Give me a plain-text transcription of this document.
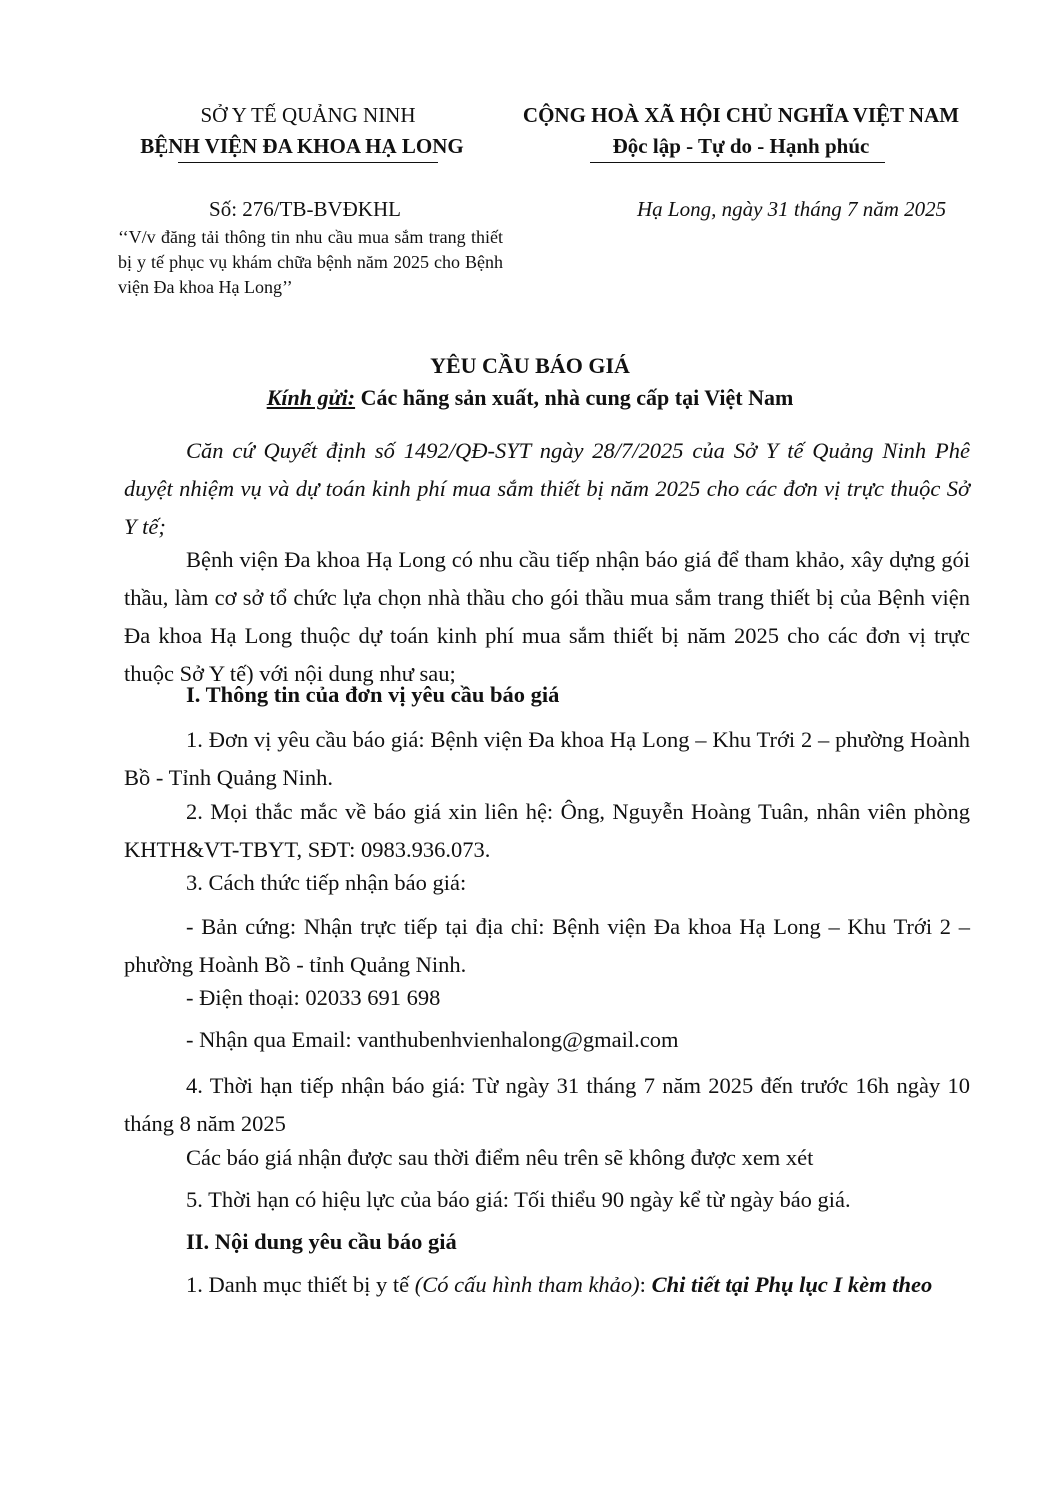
SỞ Y TẾ QUẢNG NINH
BỆNH VIỆN ĐA KHOA HẠ LONG
CỘNG HOÀ XÃ HỘI CHỦ NGHĨA VIỆT NAM
Độc lập - Tự do - Hạnh phúc
Số: 276/TB-BVĐKHL	Hạ Long, ngày 31 tháng 7 năm 2025
‘‘V/v đăng tải thông tin nhu cầu mua sắm trang thiết bị y tế phục vụ khám chữa bệnh năm 2025 cho Bệnh viện Đa khoa Hạ Long’’
YÊU CẦU BÁO GIÁ
Kính gửi: Các hãng sản xuất, nhà cung cấp tại Việt Nam
Căn cứ Quyết định số 1492/QĐ-SYT ngày 28/7/2025 của Sở Y tế Quảng Ninh Phê duyệt nhiệm vụ và dự toán kinh phí mua sắm thiết bị năm 2025 cho các đơn vị trực thuộc Sở Y tế;
Bệnh viện Đa khoa Hạ Long có nhu cầu tiếp nhận báo giá để tham khảo, xây dựng gói thầu, làm cơ sở tổ chức lựa chọn nhà thầu cho gói thầu mua sắm trang thiết bị của Bệnh viện Đa khoa Hạ Long thuộc dự toán kinh phí mua sắm thiết bị năm 2025 cho các đơn vị trực thuộc Sở Y tế) với nội dung như sau;
I. Thông tin của đơn vị yêu cầu báo giá
1. Đơn vị yêu cầu báo giá: Bệnh viện Đa khoa Hạ Long – Khu Trới 2 – phường Hoành Bồ - Tỉnh Quảng Ninh.
2. Mọi thắc mắc về báo giá xin liên hệ: Ông, Nguyễn Hoàng Tuân, nhân viên phòng KHTH&VT-TBYT, SĐT: 0983.936.073.
3. Cách thức tiếp nhận báo giá:
- Bản cứng: Nhận trực tiếp tại địa chỉ: Bệnh viện Đa khoa Hạ Long – Khu Trới 2 – phường Hoành Bồ - tỉnh Quảng Ninh.
- Điện thoại: 02033 691 698
- Nhận qua Email: vanthubenhvienhalong@gmail.com
4. Thời hạn tiếp nhận báo giá: Từ ngày 31 tháng 7 năm 2025 đến trước 16h ngày 10 tháng 8 năm 2025
Các báo giá nhận được sau thời điểm nêu trên sẽ không được xem xét
5. Thời hạn có hiệu lực của báo giá: Tối thiểu 90 ngày kể từ ngày báo giá.
II. Nội dung yêu cầu báo giá
1. Danh mục thiết bị y tế (Có cấu hình tham khảo): Chi tiết tại Phụ lục I kèm theo
